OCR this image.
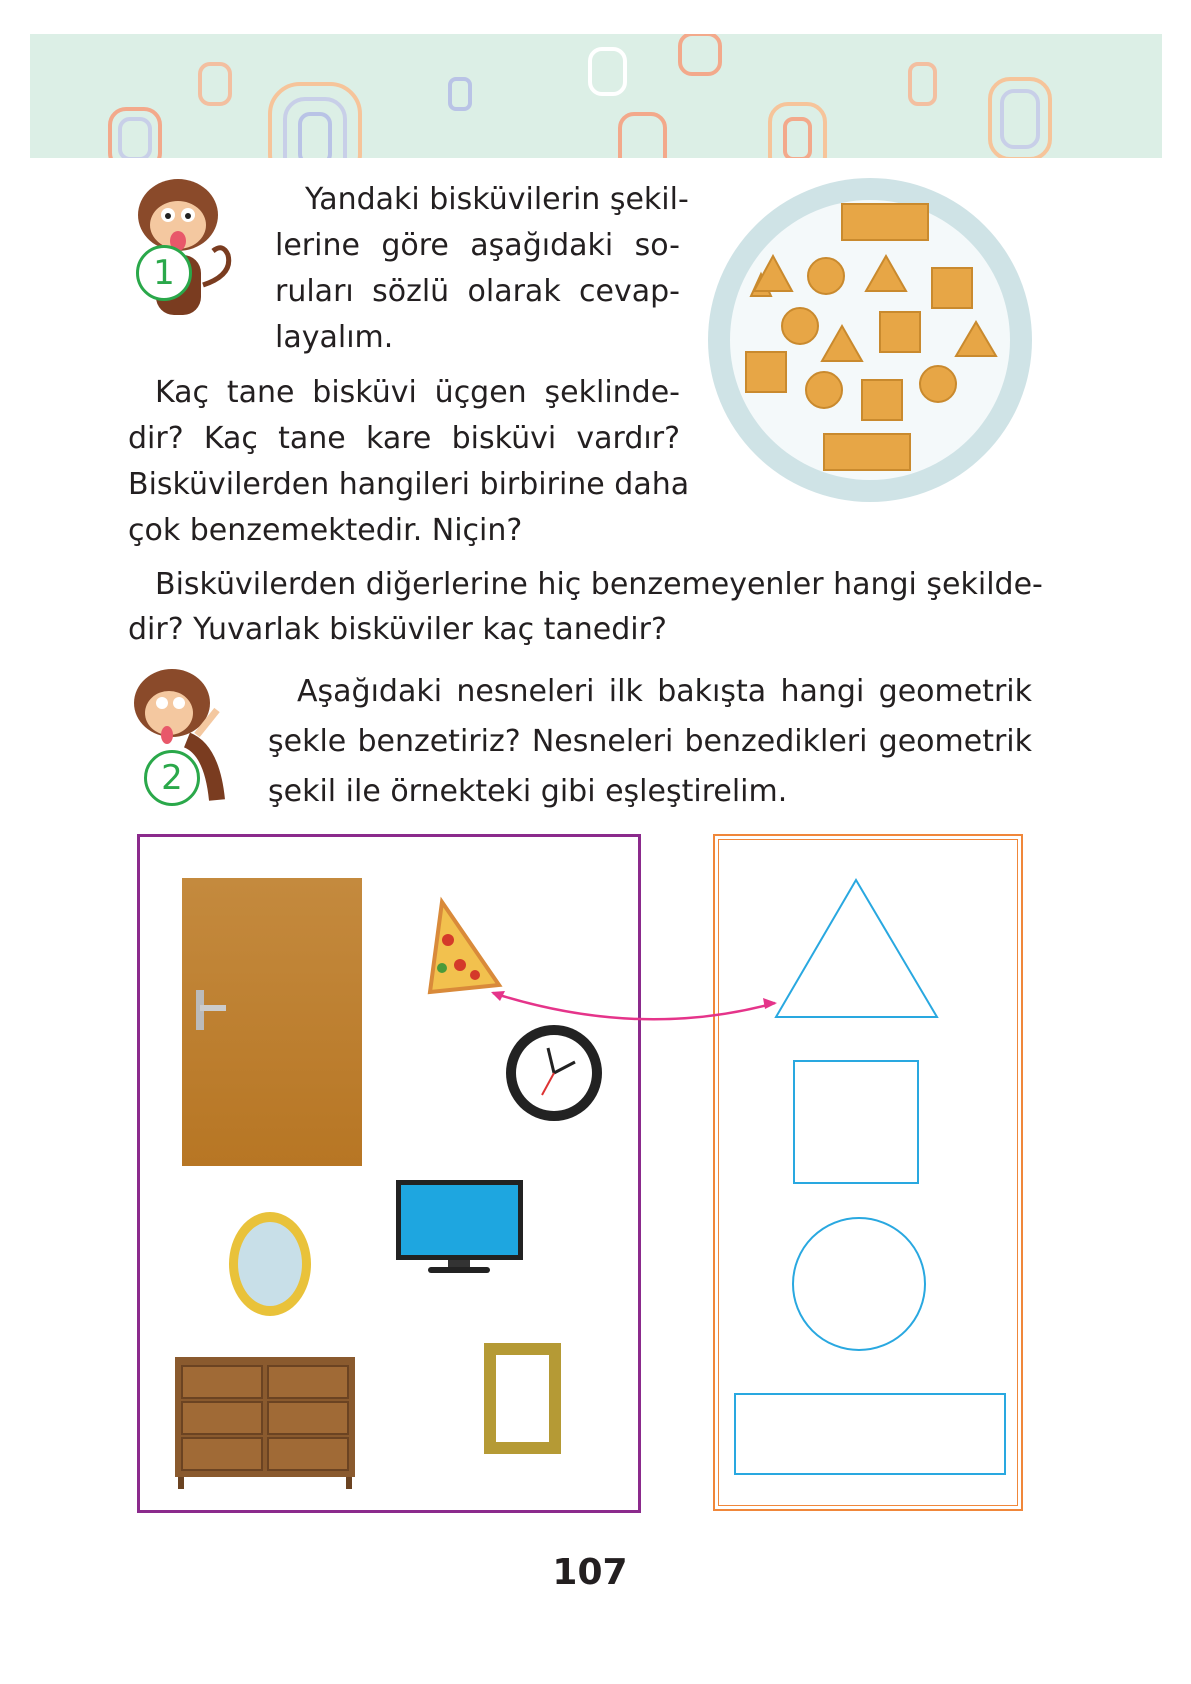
1
Yandaki bisküvilerin şekil-
lerine göre aşağıdaki so-
ruları sözlü olarak cevap-
layalım.
Kaç tane bisküvi üçgen şeklinde-
dir? Kaç tane kare bisküvi vardır?
Bisküvilerden hangileri birbirine daha
çok benzemektedir. Niçin?
Bisküvilerden diğerlerine hiç benzemeyenler hangi şekilde-
dir? Yuvarlak bisküviler kaç tanedir?
2
Aşağıdaki nesneleri ilk bakışta hangi geometrik
şekle benzetiriz? Nesneleri benzedikleri geometrik
şekil ile örnekteki gibi eşleştirelim.
107
